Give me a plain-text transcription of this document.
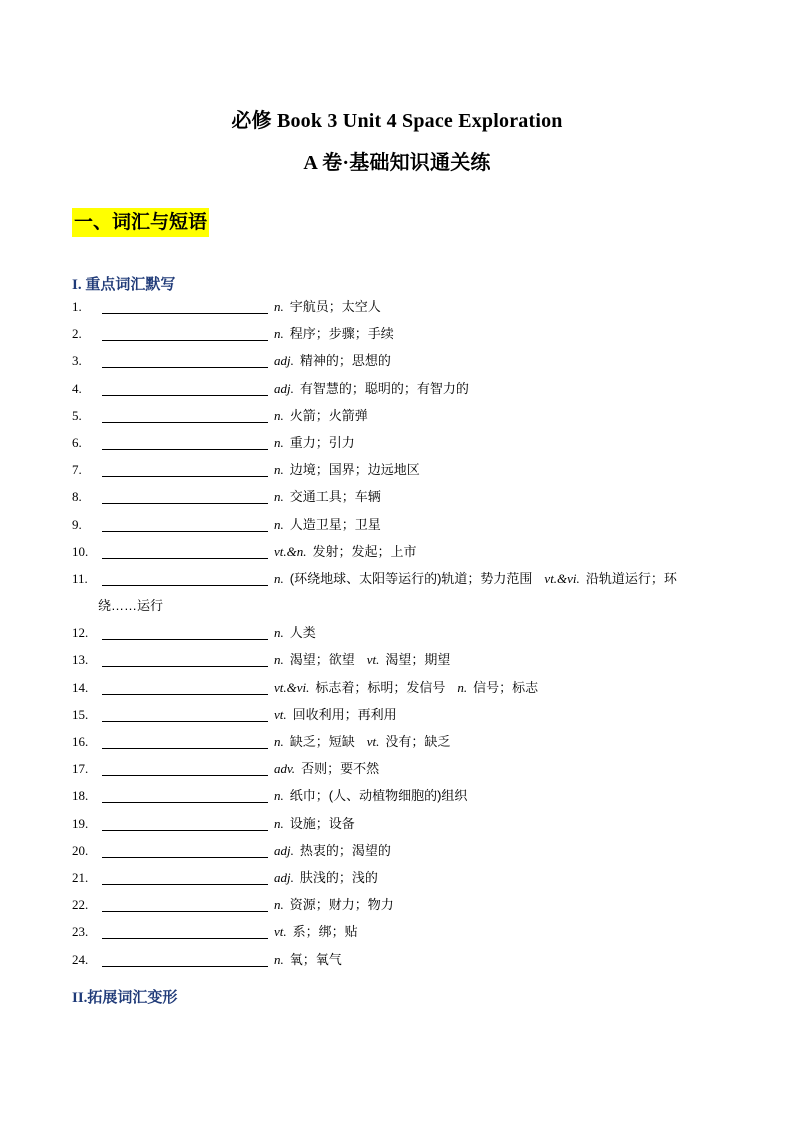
必修 Book 3 Unit 4 Space Exploration
A 卷·基础知识通关练
一、词汇与短语
I. 重点词汇默写
1.	n. 宇航员；太空人
2.	n. 程序；步骤；手续
3.	adj. 精神的；思想的
4.	adj. 有智慧的；聪明的；有智力的
5.	n. 火箭；火箭弹
6.	n. 重力；引力
7.	n. 边境；国界；边远地区
8.	n. 交通工具；车辆
9.	n. 人造卫星；卫星
10.	vt.&n. 发射；发起；上市
11.	n. (环绕地球、太阳等运行的)轨道；势力范围 vt.&vi. 沿轨道运行；环
绕……运行
12.	n. 人类
13.	n. 渴望；欲望 vt. 渴望；期望
14.	vt.&vi. 标志着；标明；发信号 n. 信号；标志
15.	vt. 回收利用；再利用
16.	n. 缺乏；短缺 vt. 没有；缺乏
17.	adv. 否则；要不然
18.	n. 纸巾；(人、动植物细胞的)组织
19.	n. 设施；设备
20.	adj. 热衷的；渴望的
21.	adj. 肤浅的；浅的
22.	n. 资源；财力；物力
23.	vt. 系；绑；贴
24.	n. 氧；氧气
II.拓展词汇变形
